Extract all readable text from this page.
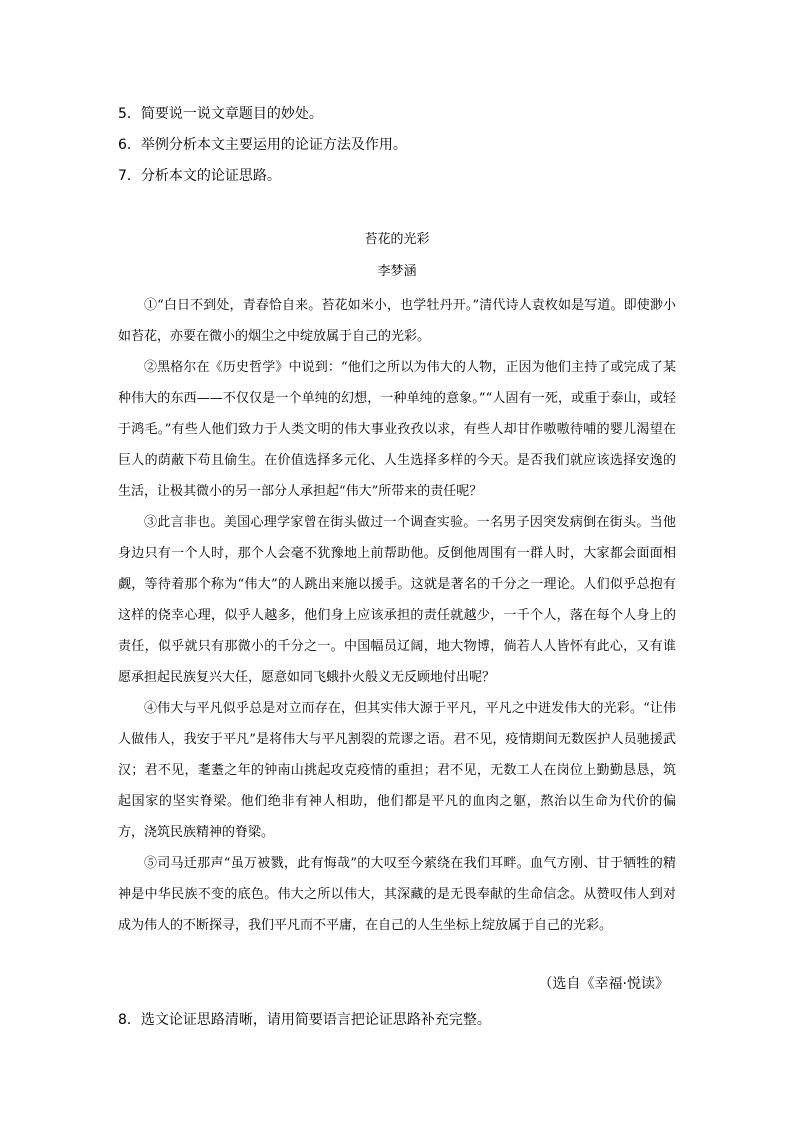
5．简要说一说文章题目的妙处。
6．举例分析本文主要运用的论证方法及作用。
7．分析本文的论证思路。
苔花的光彩
李梦涵

①“白日不到处，青春恰自来。苔花如米小，也学牡丹开。”清代诗人袁枚如是写道。即使渺小如苔花，亦要在微小的烟尘之中绽放属于自己的光彩。

②黑格尔在《历史哲学》中说到：“他们之所以为伟大的人物，正因为他们主持了或完成了某种伟大的东西——不仅仅是一个单纯的幻想，一种单纯的意象。”“人固有一死，或重于泰山，或轻于鸿毛。”有些人他们致力于人类文明的伟大事业孜孜以求，有些人却甘作嗷嗷待哺的婴儿渴望在巨人的荫蔽下苟且偷生。在价值选择多元化、人生选择多样的今天。是否我们就应该选择安逸的生活，让极其微小的另一部分人承担起“伟大”所带来的责任呢？

③此言非也。美国心理学家曾在街头做过一个调查实验。一名男子因突发病倒在街头。当他身边只有一个人时，那个人会毫不犹豫地上前帮助他。反倒他周围有一群人时，大家都会面面相觑，等待着那个称为“伟大”的人跳出来施以援手。这就是著名的千分之一理论。人们似乎总抱有这样的侥幸心理，似乎人越多，他们身上应该承担的责任就越少，一千个人，落在每个人身上的责任，似乎就只有那微小的千分之一。中国幅员辽阔，地大物博，倘若人人皆怀有此心，又有谁愿承担起民族复兴大任，愿意如同飞蛾扑火般义无反顾地付出呢？

④伟大与平凡似乎总是对立而存在，但其实伟大源于平凡，平凡之中迸发伟大的光彩。“让伟人做伟人，我安于平凡”是将伟大与平凡割裂的荒谬之语。君不见，疫情期间无数医护人员驰援武汉；君不见，耄耋之年的钟南山挑起攻克疫情的重担；君不见，无数工人在岗位上勤勤恳恳，筑起国家的坚实脊梁。他们绝非有神人相助，他们都是平凡的血肉之躯，熬治以生命为代价的偏方，浇筑民族精神的脊梁。

⑤司马迁那声“虽万被戮，此有悔哉”的大叹至今萦绕在我们耳畔。血气方刚、甘于牺牲的精神是中华民族不变的底色。伟大之所以伟大，其深藏的是无畏奉献的生命信念。从赞叹伟人到对成为伟人的不断探寻，我们平凡而不平庸，在自己的人生坐标上绽放属于自己的光彩。

（选自《幸福·悦读》
8．选文论证思路清晰，请用简要语言把论证思路补充完整。
